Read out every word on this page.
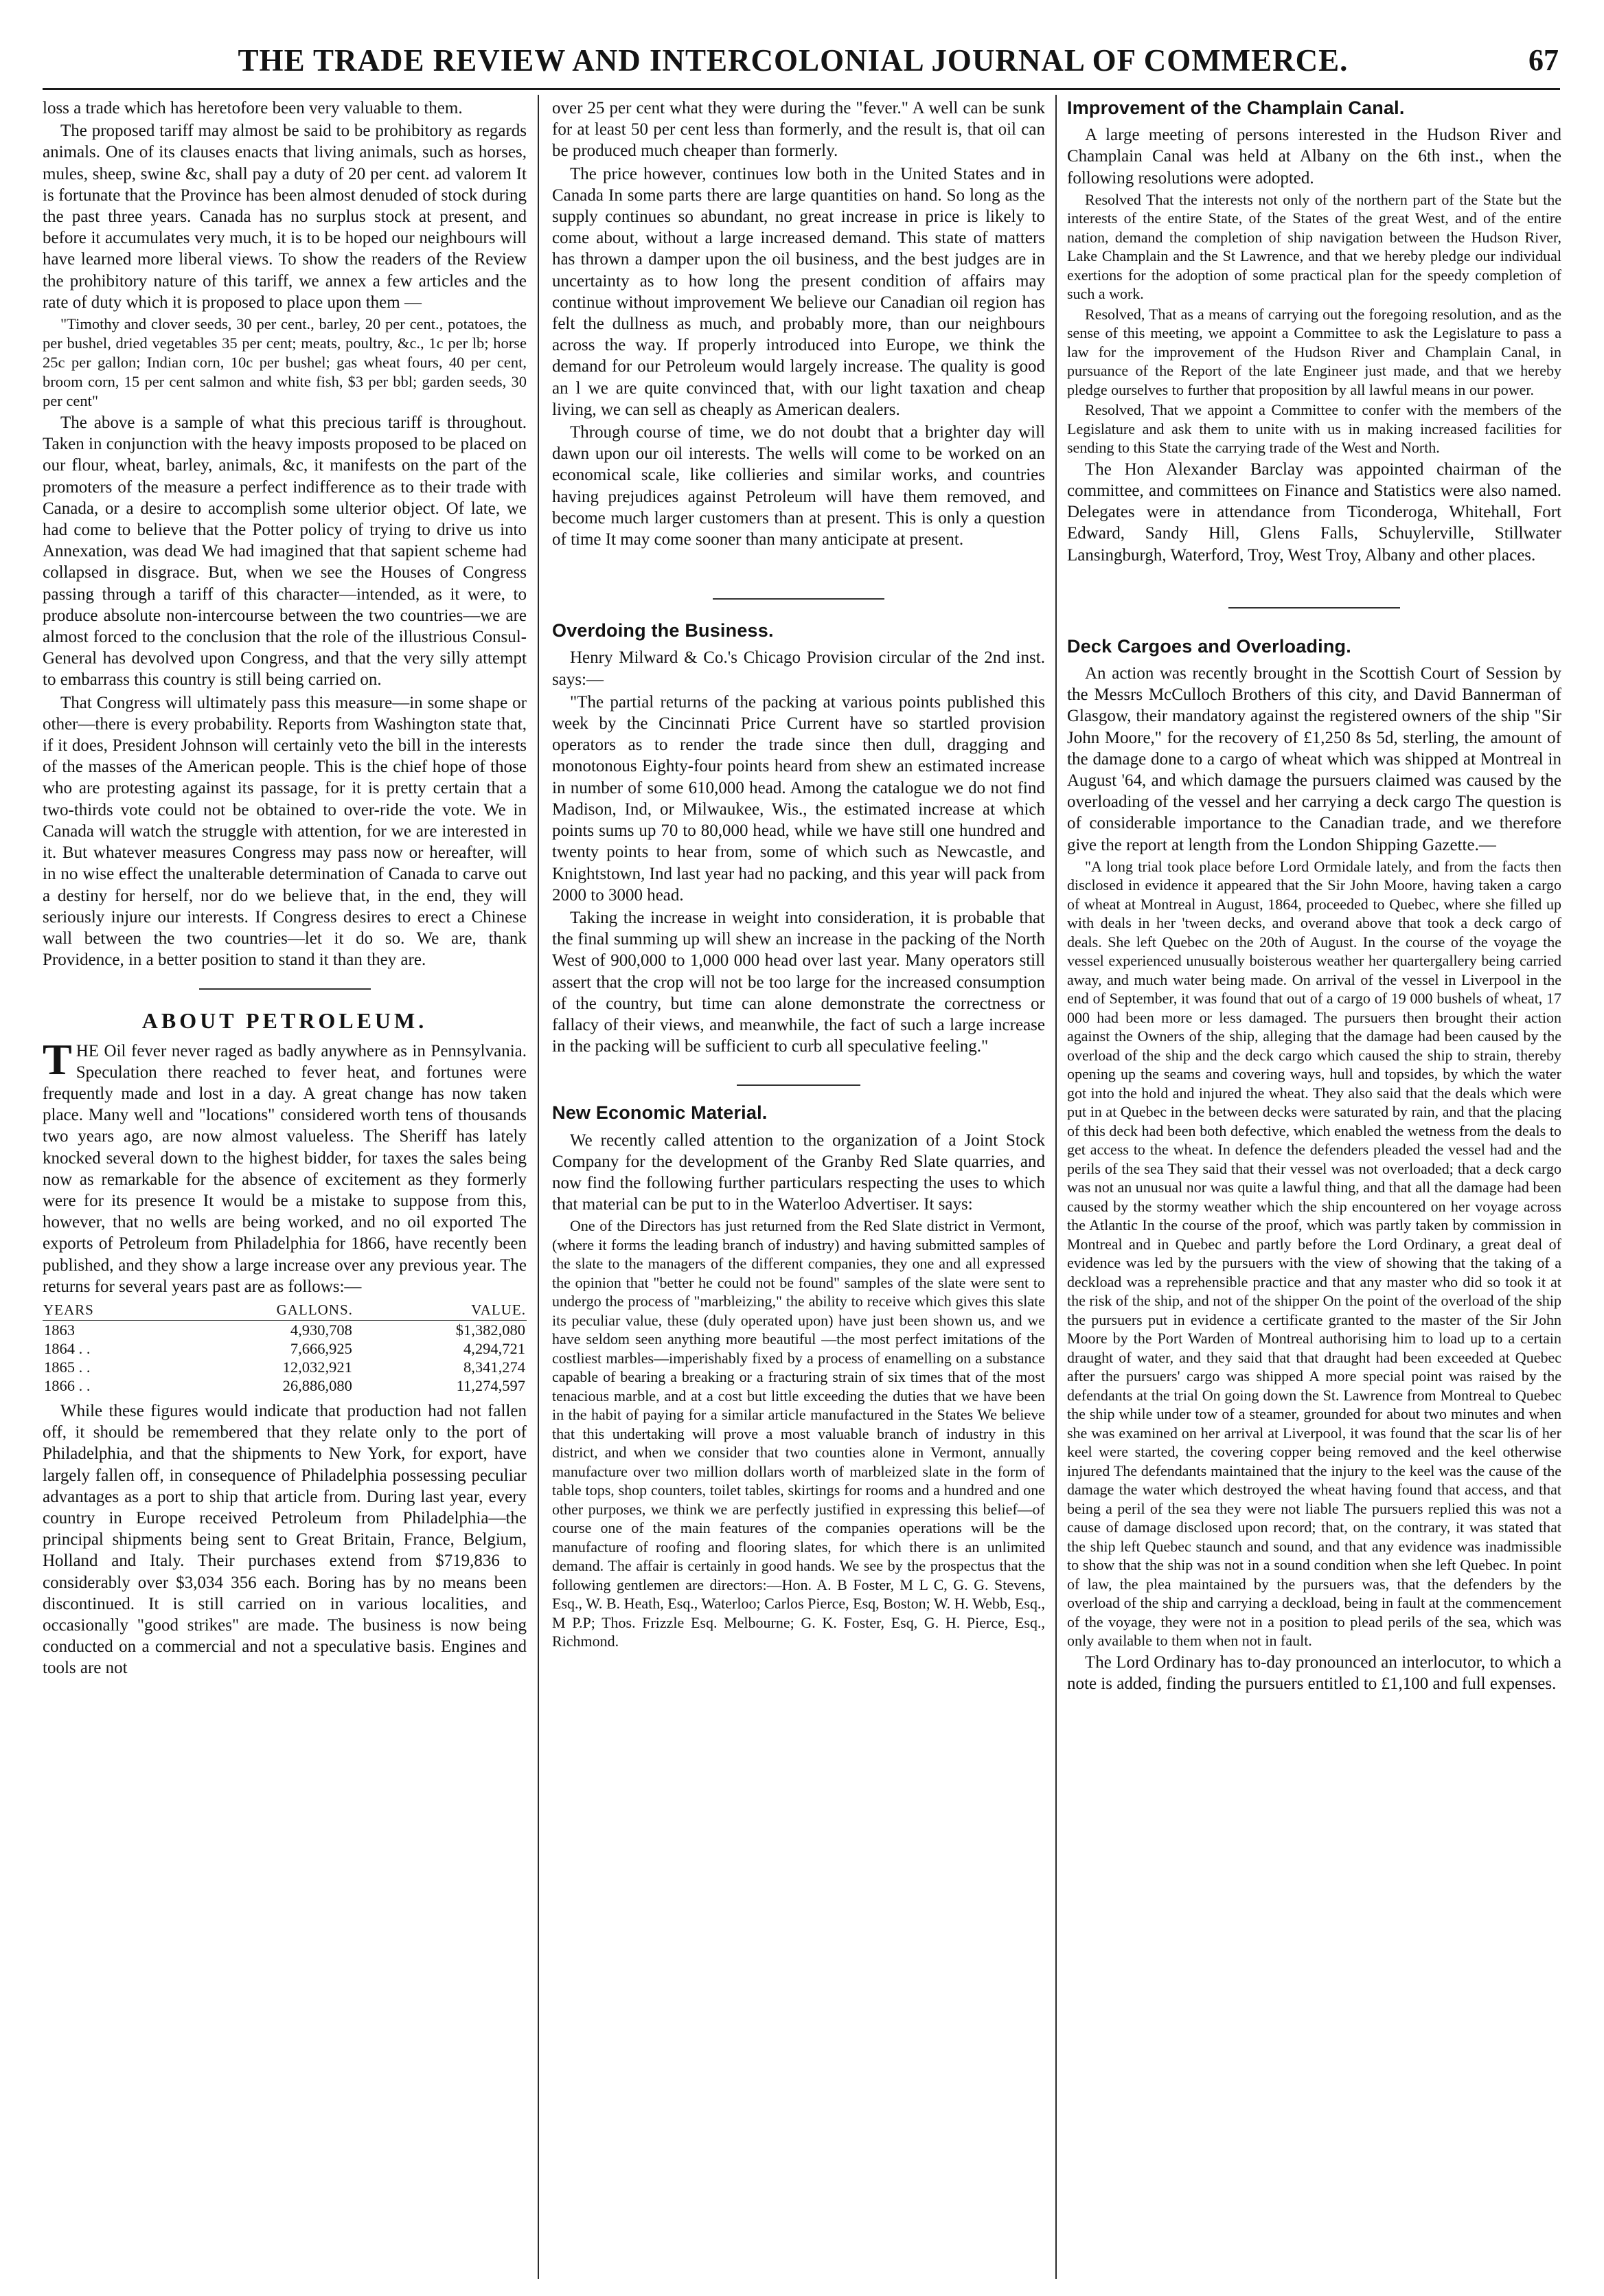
THE TRADE REVIEW AND INTERCOLONIAL JOURNAL OF COMMERCE.	67

loss a trade which has heretofore been very valuable to them.

The proposed tariff may almost be said to be prohibitory as regards animals. One of its clauses enacts that living animals, such as horses, mules, sheep, swine &c, shall pay a duty of 20 per cent. ad valorem It is fortunate that the Province has been almost denuded of stock during the past three years. Canada has no surplus stock at present, and before it accumulates very much, it is to be hoped our neighbours will have learned more liberal views. To show the readers of the Review the prohibitory nature of this tariff, we annex a few articles and the rate of duty which it is proposed to place upon them —

"Timothy and clover seeds, 30 per cent., barley, 20 per cent., potatoes, the per bushel, dried vegetables 35 per cent; meats, poultry, &c., 1c per lb; horse 25c per gallon; Indian corn, 10c per bushel; gas wheat fours, 40 per cent, broom corn, 15 per cent salmon and white fish, $3 per bbl; garden seeds, 30 per cent"

The above is a sample of what this precious tariff is throughout. Taken in conjunction with the heavy imposts proposed to be placed on our flour, wheat, barley, animals, &c, it manifests on the part of the promoters of the measure a perfect indifference as to their trade with Canada, or a desire to accomplish some ulterior object. Of late, we had come to believe that the Potter policy of trying to drive us into Annexation, was dead We had imagined that that sapient scheme had collapsed in disgrace. But, when we see the Houses of Congress passing through a tariff of this character—intended, as it were, to produce absolute non-intercourse between the two countries—we are almost forced to the conclusion that the role of the illustrious Consul-General has devolved upon Congress, and that the very silly attempt to embarrass this country is still being carried on.

That Congress will ultimately pass this measure—in some shape or other—there is every probability. Reports from Washington state that, if it does, President Johnson will certainly veto the bill in the interests of the masses of the American people. This is the chief hope of those who are protesting against its passage, for it is pretty certain that a two-thirds vote could not be obtained to over-ride the vote. We in Canada will watch the struggle with attention, for we are interested in it. But whatever measures Congress may pass now or hereafter, will in no wise effect the unalterable determination of Canada to carve out a destiny for herself, nor do we believe that, in the end, they will seriously injure our interests. If Congress desires to erect a Chinese wall between the two countries—let it do so. We are, thank Providence, in a better position to stand it than they are.

ABOUT PETROLEUM.

THE Oil fever never raged as badly anywhere as in Pennsylvania. Speculation there reached to fever heat, and fortunes were frequently made and lost in a day. A great change has now taken place. Many well and "locations" considered worth tens of thousands two years ago, are now almost valueless. The Sheriff has lately knocked several down to the highest bidder, for taxes the sales being now as remarkable for the absence of excitement as they formerly were for its presence It would be a mistake to suppose from this, however, that no wells are being worked, and no oil exported The exports of Petroleum from Philadelphia for 1866, have recently been published, and they show a large increase over any previous year. The returns for several years past are as follows:—

YEARS	GALLONS.	VALUE.
1863	4,930,708	$1,382,080
1864 . .	7,666,925	4,294,721
1865 . .	12,032,921	8,341,274
1866 . .	26,886,080	11,274,597

While these figures would indicate that production had not fallen off, it should be remembered that they relate only to the port of Philadelphia, and that the shipments to New York, for export, have largely fallen off, in consequence of Philadelphia possessing peculiar advantages as a port to ship that article from. During last year, every country in Europe received Petroleum from Philadelphia—the principal shipments being sent to Great Britain, France, Belgium, Holland and Italy. Their purchases extend from $719,836 to considerably over $3,034 356 each. Boring has by no means been discontinued. It is still carried on in various localities, and occasionally "good strikes" are made. The business is now being conducted on a commercial and not a speculative basis. Engines and tools are not

over 25 per cent what they were during the "fever." A well can be sunk for at least 50 per cent less than formerly, and the result is, that oil can be produced much cheaper than formerly.

The price however, continues low both in the United States and in Canada In some parts there are large quantities on hand. So long as the supply continues so abundant, no great increase in price is likely to come about, without a large increased demand. This state of matters has thrown a damper upon the oil business, and the best judges are in uncertainty as to how long the present condition of affairs may continue without improvement We believe our Canadian oil region has felt the dullness as much, and probably more, than our neighbours across the way. If properly introduced into Europe, we think the demand for our Petroleum would largely increase. The quality is good an l we are quite convinced that, with our light taxation and cheap living, we can sell as cheaply as American dealers.

Through course of time, we do not doubt that a brighter day will dawn upon our oil interests. The wells will come to be worked on an economical scale, like collieries and similar works, and countries having prejudices against Petroleum will have them removed, and become much larger customers than at present. This is only a question of time It may come sooner than many anticipate at present.

Overdoing the Business.

Henry Milward & Co.'s Chicago Provision circular of the 2nd inst. says:—

"The partial returns of the packing at various points published this week by the Cincinnati Price Current have so startled provision operators as to render the trade since then dull, dragging and monotonous Eighty-four points heard from shew an estimated increase in number of some 610,000 head. Among the catalogue we do not find Madison, Ind, or Milwaukee, Wis., the estimated increase at which points sums up 70 to 80,000 head, while we have still one hundred and twenty points to hear from, some of which such as Newcastle, and Knightstown, Ind last year had no packing, and this year will pack from 2000 to 3000 head.

Taking the increase in weight into consideration, it is probable that the final summing up will shew an increase in the packing of the North West of 900,000 to 1,000 000 head over last year. Many operators still assert that the crop will not be too large for the increased consumption of the country, but time can alone demonstrate the correctness or fallacy of their views, and meanwhile, the fact of such a large increase in the packing will be sufficient to curb all speculative feeling."

New Economic Material.

We recently called attention to the organization of a Joint Stock Company for the development of the Granby Red Slate quarries, and now find the following further particulars respecting the uses to which that material can be put to in the Waterloo Advertiser. It says:

One of the Directors has just returned from the Red Slate district in Vermont, (where it forms the leading branch of industry) and having submitted samples of the slate to the managers of the different companies, they one and all expressed the opinion that "better he could not be found" samples of the slate were sent to undergo the process of "marbleizing," the ability to receive which gives this slate its peculiar value, these (duly operated upon) have just been shown us, and we have seldom seen anything more beautiful —the most perfect imitations of the costliest marbles—imperishably fixed by a process of enamelling on a substance capable of bearing a breaking or a fracturing strain of six times that of the most tenacious marble, and at a cost but little exceeding the duties that we have been in the habit of paying for a similar article manufactured in the States We believe that this undertaking will prove a most valuable branch of industry in this district, and when we consider that two counties alone in Vermont, annually manufacture over two million dollars worth of marbleized slate in the form of table tops, shop counters, toilet tables, skirtings for rooms and a hundred and one other purposes, we think we are perfectly justified in expressing this belief—of course one of the main features of the companies operations will be the manufacture of roofing and flooring slates, for which there is an unlimited demand. The affair is certainly in good hands. We see by the prospectus that the following gentlemen are directors:—Hon. A. B Foster, M L C, G. G. Stevens, Esq., W. B. Heath, Esq., Waterloo; Carlos Pierce, Esq, Boston; W. H. Webb, Esq., M P.P; Thos. Frizzle Esq. Melbourne; G. K. Foster, Esq, G. H. Pierce, Esq., Richmond.

Improvement of the Champlain Canal.

A large meeting of persons interested in the Hudson River and Champlain Canal was held at Albany on the 6th inst., when the following resolutions were adopted.

Resolved That the interests not only of the northern part of the State but the interests of the entire State, of the States of the great West, and of the entire nation, demand the completion of ship navigation between the Hudson River, Lake Champlain and the St Lawrence, and that we hereby pledge our individual exertions for the adoption of some practical plan for the speedy completion of such a work.

Resolved, That as a means of carrying out the foregoing resolution, and as the sense of this meeting, we appoint a Committee to ask the Legislature to pass a law for the improvement of the Hudson River and Champlain Canal, in pursuance of the Report of the late Engineer just made, and that we hereby pledge ourselves to further that proposition by all lawful means in our power.

Resolved, That we appoint a Committee to confer with the members of the Legislature and ask them to unite with us in making increased facilities for sending to this State the carrying trade of the West and North.

The Hon Alexander Barclay was appointed chairman of the committee, and committees on Finance and Statistics were also named. Delegates were in attendance from Ticonderoga, Whitehall, Fort Edward, Sandy Hill, Glens Falls, Schuylerville, Stillwater Lansingburgh, Waterford, Troy, West Troy, Albany and other places.

Deck Cargoes and Overloading.

An action was recently brought in the Scottish Court of Session by the Messrs McCulloch Brothers of this city, and David Bannerman of Glasgow, their mandatory against the registered owners of the ship "Sir John Moore," for the recovery of £1,250 8s 5d, sterling, the amount of the damage done to a cargo of wheat which was shipped at Montreal in August '64, and which damage the pursuers claimed was caused by the overloading of the vessel and her carrying a deck cargo The question is of considerable importance to the Canadian trade, and we therefore give the report at length from the London Shipping Gazette.—

"A long trial took place before Lord Ormidale lately, and from the facts then disclosed in evidence it appeared that the Sir John Moore, having taken a cargo of wheat at Montreal in August, 1864, proceeded to Quebec, where she filled up with deals in her 'tween decks, and overand above that took a deck cargo of deals. She left Quebec on the 20th of August. In the course of the voyage the vessel experienced unusually boisterous weather her quartergallery being carried away, and much water being made. On arrival of the vessel in Liverpool in the end of September, it was found that out of a cargo of 19 000 bushels of wheat, 17 000 had been more or less damaged. The pursuers then brought their action against the Owners of the ship, alleging that the damage had been caused by the overload of the ship and the deck cargo which caused the ship to strain, thereby opening up the seams and covering ways, hull and topsides, by which the water got into the hold and injured the wheat. They also said that the deals which were put in at Quebec in the between decks were saturated by rain, and that the placing of this deck had been both defective, which enabled the wetness from the deals to get access to the wheat. In defence the defenders pleaded the vessel had and the perils of the sea They said that their vessel was not overloaded; that a deck cargo was not an unusual nor was quite a lawful thing, and that all the damage had been caused by the stormy weather which the ship encountered on her voyage across the Atlantic In the course of the proof, which was partly taken by commission in Montreal and in Quebec and partly before the Lord Ordinary, a great deal of evidence was led by the pursuers with the view of showing that the taking of a deckload was a reprehensible practice and that any master who did so took it at the risk of the ship, and not of the shipper On the point of the overload of the ship the pursuers put in evidence a certificate granted to the master of the Sir John Moore by the Port Warden of Montreal authorising him to load up to a certain draught of water, and they said that that draught had been exceeded at Quebec after the pursuers' cargo was shipped A more special point was raised by the defendants at the trial On going down the St. Lawrence from Montreal to Quebec the ship while under tow of a steamer, grounded for about two minutes and when she was examined on her arrival at Liverpool, it was found that the scar lis of her keel were started, the covering copper being removed and the keel otherwise injured The defendants maintained that the injury to the keel was the cause of the damage the water which destroyed the wheat having found that access, and that being a peril of the sea they were not liable The pursuers replied this was not a cause of damage disclosed upon record; that, on the contrary, it was stated that the ship left Quebec staunch and sound, and that any evidence was inadmissible to show that the ship was not in a sound condition when she left Quebec. In point of law, the plea maintained by the pursuers was, that the defenders by the overload of the ship and carrying a deckload, being in fault at the commencement of the voyage, they were not in a position to plead perils of the sea, which was only available to them when not in fault.

The Lord Ordinary has to-day pronounced an interlocutor, to which a note is added, finding the pursuers entitled to £1,100 and full expenses.
